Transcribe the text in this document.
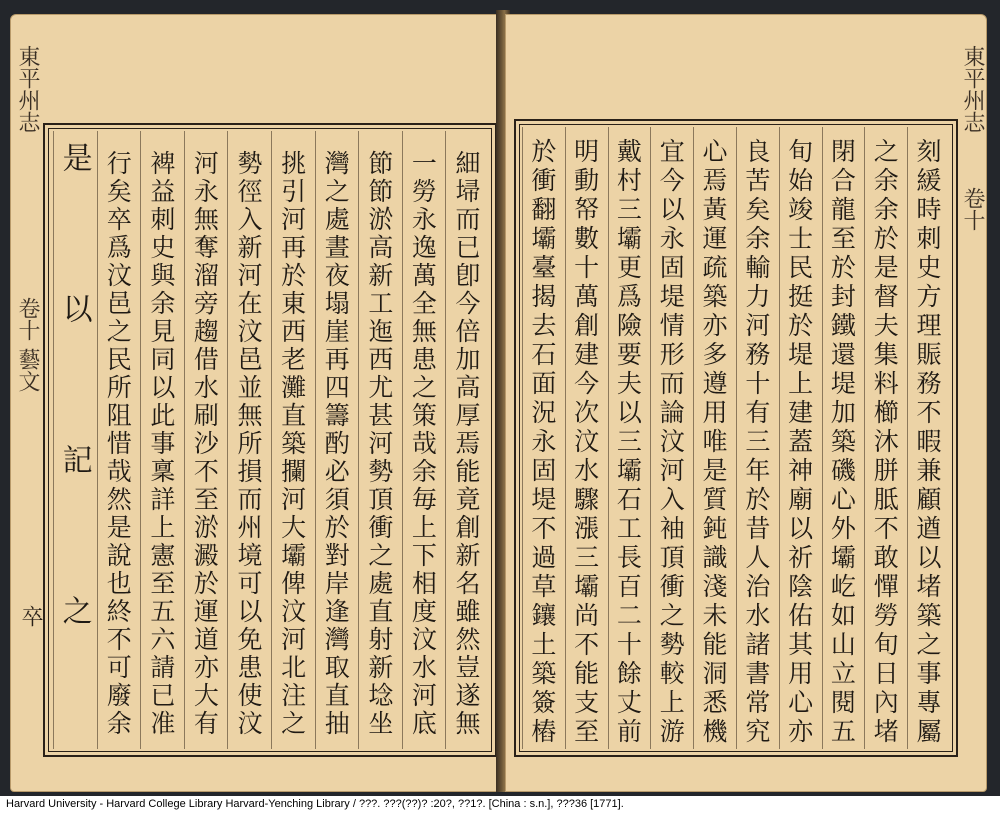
東平州志  卷十 藝文
卒	細埽而已卽今倍加高厚焉能竟創新名雖然豈遂無
一勞永逸萬全無患之策哉余毎上下相度汶水河底
節節淤高新工迤西尤甚河勢頂衝之處直射新埝坐
灣之處晝夜塌崖再四籌酌必須於對岸逢灣取直抽
挑引河再於東西老灘直築攔河大壩俾汶河北注之
勢徑入新河在汶邑並無所損而州境可以免患使汶
河永無奪溜旁趨借水刷沙不至淤澱於運道亦大有
裨益刺史與余見同以此事稟詳上憲至五六請已准
行矣卒爲汶邑之民所阻惜哉然是說也終不可廢余
是以記之
東平州志  卷十
刻緩時刺史方理賑務不暇兼顧遒以堵築之事專屬
之余余於是督夫集料櫛沐胼胝不敢憚勞旬日內堵
閉合龍至於封鐵還堤加築磯心外壩屹如山立閱五
旬始竣士民挺於堤上建蓋神廟以祈陰佑其用心亦
良苦矣余輸力河務十有三年於昔人治水諸書常究
心焉黃運疏築亦多遵用唯是質鈍識淺未能洞悉機
宜今以永固堤情形而論汶河入袖頂衝之勢較上游
戴村三壩更爲險要夫以三壩石工長百二十餘丈前
明動帑數十萬創建今次汶水驟漲三壩尚不能支至
於衝翻壩臺揭去石面況永固堤不過草鑲土築簽樁
Harvard University - Harvard College Library Harvard-Yenching Library / ???. ???(??)? :20?, ??1?. [China : s.n.], ???36 [1771].
